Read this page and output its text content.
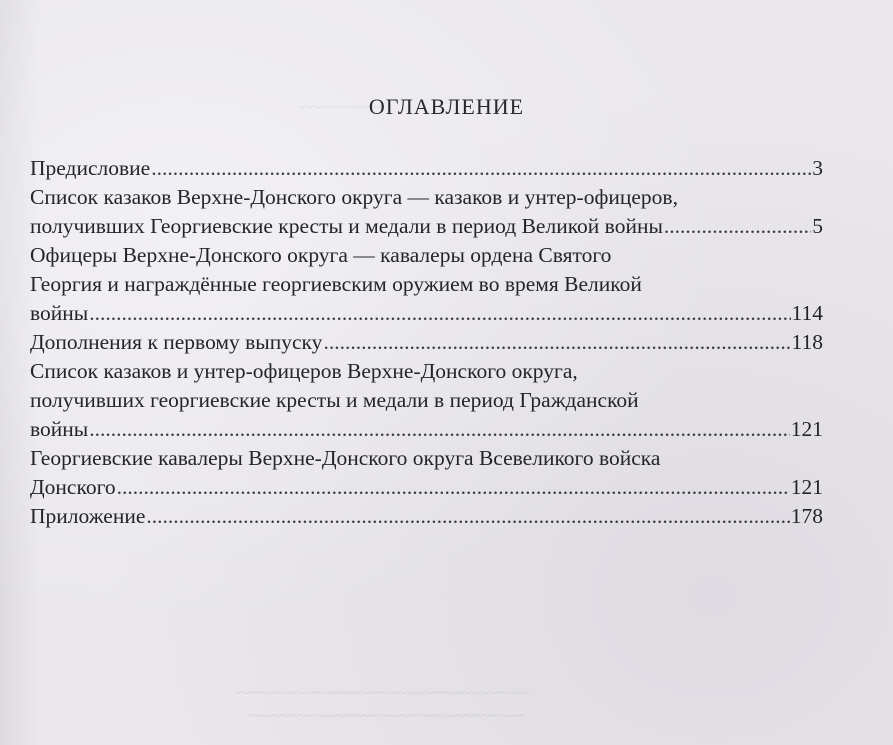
~~~~~~~~~~
~~~~~~~~~~~~~~~~~~~~~~~~~~~~~~~~
~~~~~~~~~~~~~~~~~~~~~~~~~~~~~~
ОГЛАВЛЕНИЕ
Предисловие .....	3
Список казаков Верхне-Донского округа — казаков и унтер-офицеров,
получивших Георгиевские кресты и медали в период Великой войны .....	5
Офицеры Верхне-Донского округа — кавалеры ордена Святого
Георгия и награждённые георгиевским оружием во время Великой
войны .....	114
Дополнения к первому выпуску .....	118
Список казаков и унтер-офицеров Верхне-Донского округа,
получивших георгиевские кресты и медали в период Гражданской
войны .....	121
Георгиевские кавалеры Верхне-Донского округа Всевеликого войска
Донского .....	121
Приложение .....	178
